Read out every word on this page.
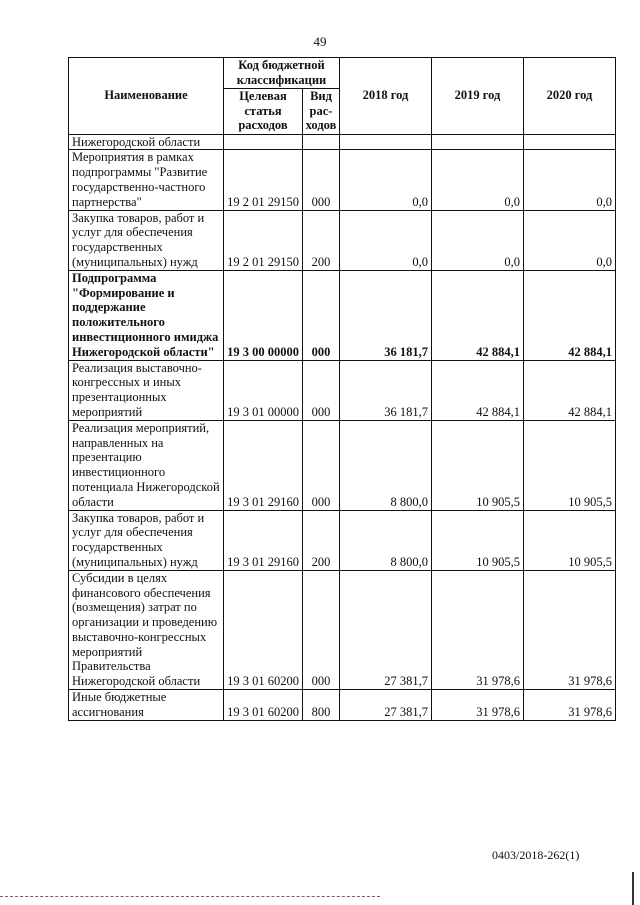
49
Наименование	Код бюджетной классификации		2018 год	2019 год	2020 год
	Целевая статья расходов	Вид рас-ходов			
Нижегородской области					
Мероприятия в рамках подпрограммы "Развитие государственно-частного партнерства"	19 2 01 29150	000	0,0	0,0	0,0
Закупка товаров, работ и услуг для обеспечения государственных (муниципальных) нужд	19 2 01 29150	200	0,0	0,0	0,0
Подпрограмма "Формирование и поддержание положительного инвестиционного имиджа Нижегородской области"	19 3 00 00000	000	36 181,7	42 884,1	42 884,1
Реализация выставочно-конгрессных и иных презентационных мероприятий	19 3 01 00000	000	36 181,7	42 884,1	42 884,1
Реализация мероприятий, направленных на презентацию инвестиционного потенциала Нижегородской области	19 3 01 29160	000	8 800,0	10 905,5	10 905,5
Закупка товаров, работ и услуг для обеспечения государственных (муниципальных) нужд	19 3 01 29160	200	8 800,0	10 905,5	10 905,5
Субсидии в целях финансового обеспечения (возмещения) затрат по организации и проведению выставочно-конгрессных мероприятий Правительства Нижегородской области	19 3 01 60200	000	27 381,7	31 978,6	31 978,6
Иные бюджетные ассигнования	19 3 01 60200	800	27 381,7	31 978,6	31 978,6
0403/2018-262(1)
